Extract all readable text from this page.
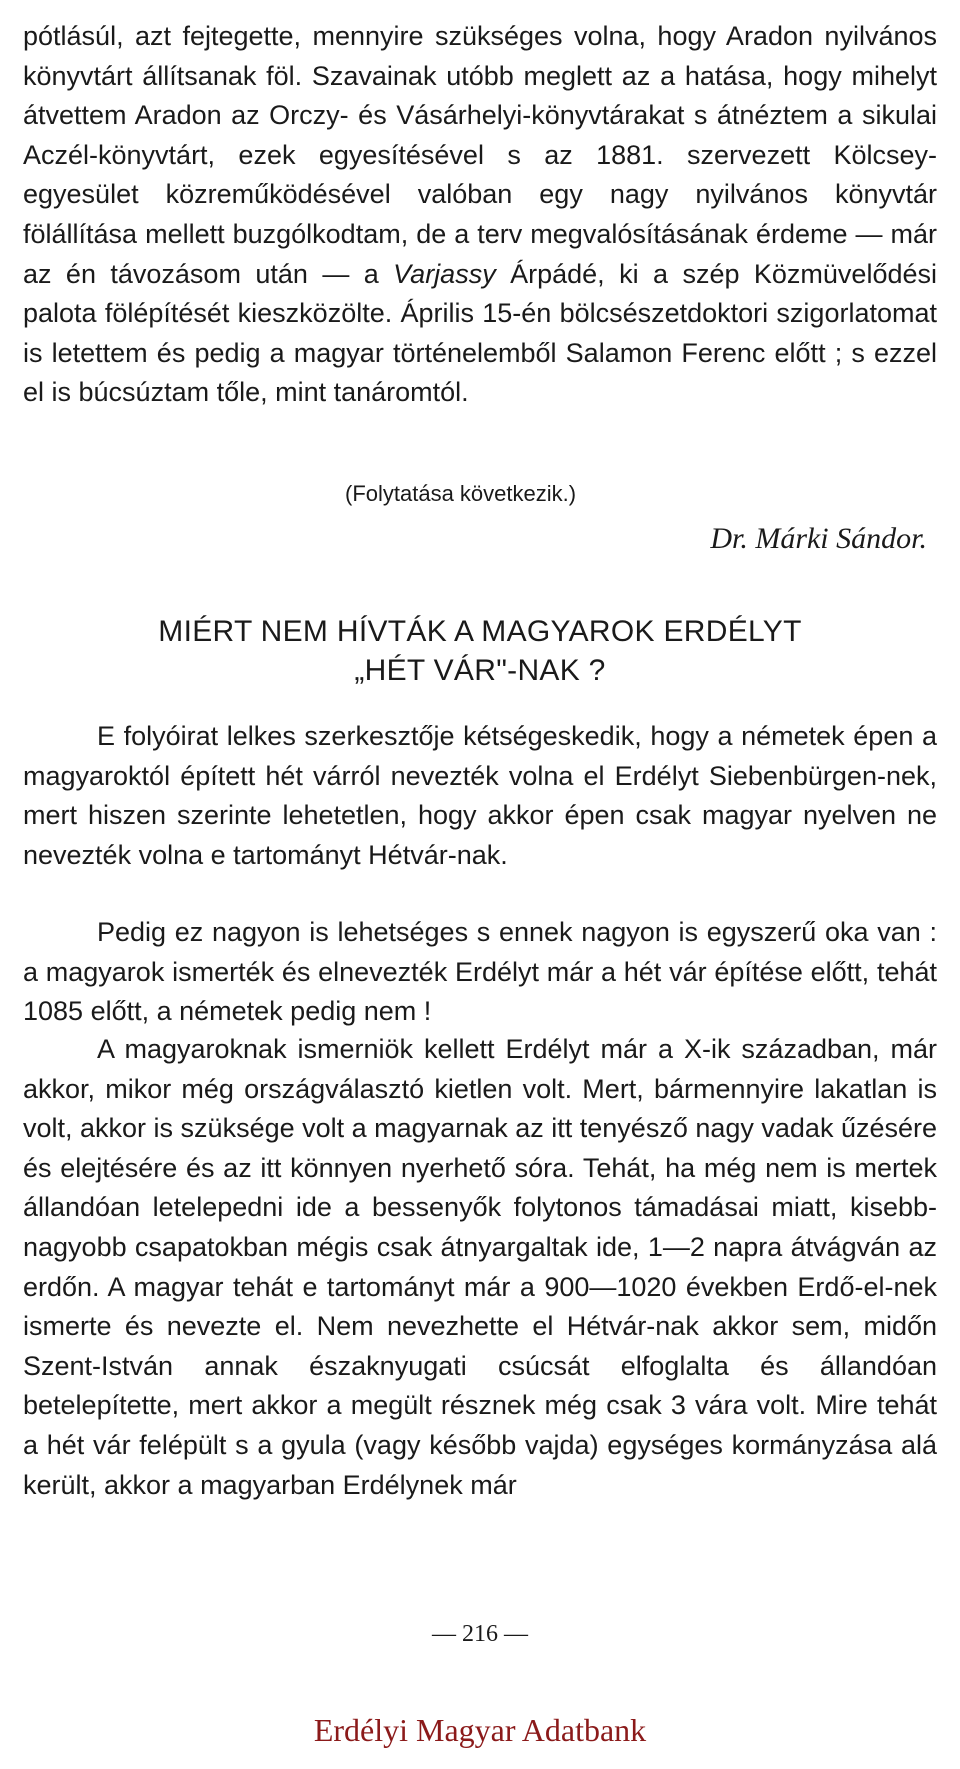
pótlásúl, azt fejtegette, mennyire szükséges volna, hogy Aradon nyilvános könyvtárt állítsanak föl. Szavainak utóbb meglett az a hatása, hogy mihelyt átvettem Aradon az Orczy- és Vásárhelyi-könyvtárakat s átnéztem a sikulai Aczél-könyvtárt, ezek egyesítésével s az 1881. szervezett Kölcsey-egyesület közreműködésével valóban egy nagy nyilvános könyvtár fölállítása mellett buzgólkodtam, de a terv megvalósításának érdeme — már az én távozásom után — a Varjassy Árpádé, ki a szép Közmüvelődési palota fölépítését kieszközölte. Április 15-én bölcsészetdoktori szigorlatomat is letettem és pedig a magyar történelemből Salamon Ferenc előtt ; s ezzel el is búcsúztam tőle, mint tanáromtól.

(Folytatása következik.)
Dr. Márki Sándor.
MIÉRT NEM HÍVTÁK A MAGYAROK ERDÉLYT
„HÉT VÁR"-NAK ?

E folyóirat lelkes szerkesztője kétségeskedik, hogy a németek épen a magyaroktól épített hét várról nevezték volna el Erdélyt Siebenbürgen-nek, mert hiszen szerinte lehetetlen, hogy akkor épen csak magyar nyelven ne nevezték volna e tartományt Hétvár-nak.

Pedig ez nagyon is lehetséges s ennek nagyon is egyszerű oka van : a magyarok ismerték és elnevezték Erdélyt már a hét vár építése előtt, tehát 1085 előtt, a németek pedig nem !

A magyaroknak ismerniök kellett Erdélyt már a X-ik században, már akkor, mikor még országválasztó kietlen volt. Mert, bármennyire lakatlan is volt, akkor is szüksége volt a magyarnak az itt tenyésző nagy vadak űzésére és elejtésére és az itt könnyen nyerhető sóra. Tehát, ha még nem is mertek állandóan letelepedni ide a bessenyők folytonos támadásai miatt, kisebb-nagyobb csapatokban mégis csak átnyargaltak ide, 1—2 napra átvágván az erdőn. A magyar tehát e tartományt már a 900—1020 években Erdő-el-nek ismerte és nevezte el. Nem nevezhette el Hétvár-nak akkor sem, midőn Szent-István annak északnyugati csúcsát elfoglalta és állandóan betelepítette, mert akkor a megült résznek még csak 3 vára volt. Mire tehát a hét vár felépült s a gyula (vagy később vajda) egységes kormányzása alá került, akkor a magyarban Erdélynek már

— 216 —
Erdélyi Magyar Adatbank
